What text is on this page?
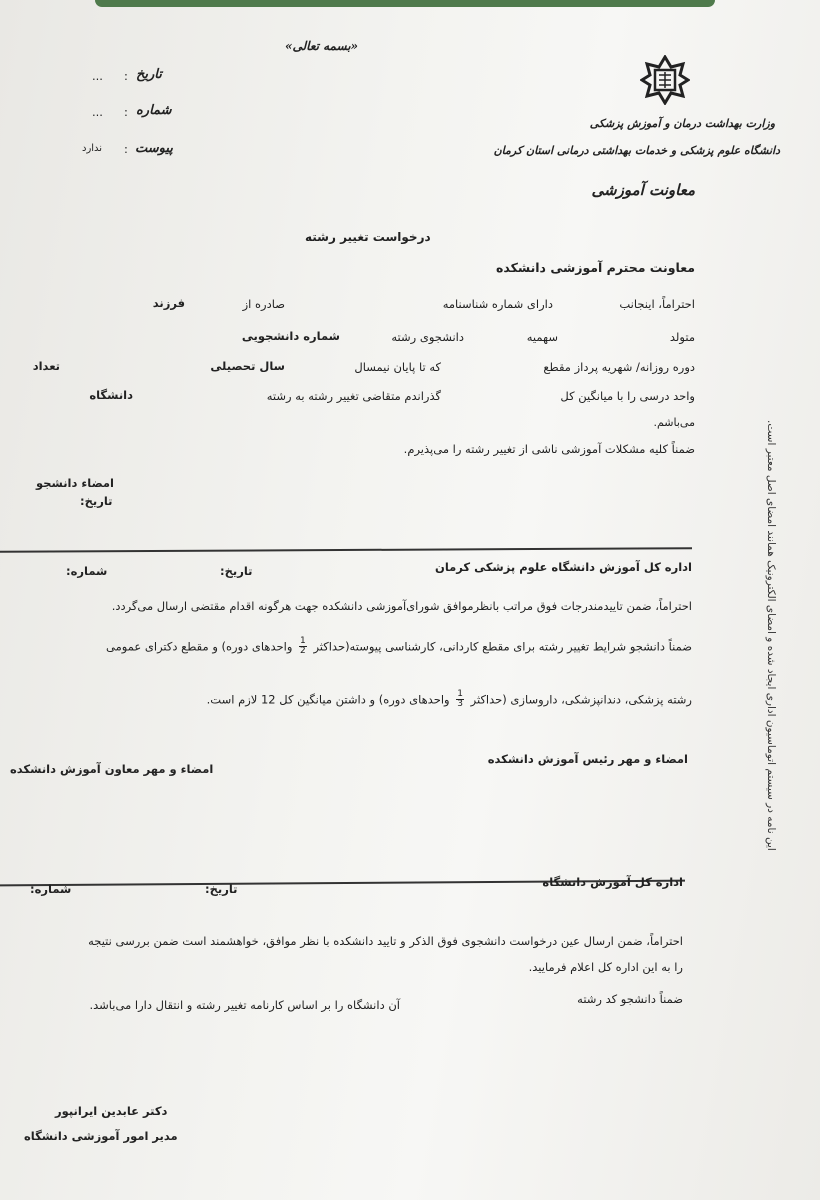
«بسمه تعالی»
وزارت بهداشت درمان و آموزش پزشکی
دانشگاه علوم پزشکی و خدمات بهداشتی درمانی استان کرمان
معاونت آموزشی
تاریخ
:
...
شماره
:
...
پیوست
:
ندارد
درخواست تغییر رشته
معاونت محترم آموزشی دانشکده
احتراماً، اینجانب
دارای شماره شناسنامه
صادره از
فرزند
متولد
سهمیه
دانشجوی رشته
شماره دانشجویی
دوره روزانه/ شهریه پرداز مقطع
که تا پایان نیمسال
سال تحصیلی
تعداد
واحد درسی را با میانگین کل
گذراندم متقاضی تغییر رشته به رشته
دانشگاه
می‌باشم.
ضمناً کلیه مشکلات آموزشی ناشی از تغییر رشته را می‌پذیرم.
امضاء دانشجو
تاریخ:
اداره کل آموزش دانشگاه علوم پزشکی کرمان
تاریخ:
شماره:
احتراماً، ضمن تاییدمندرجات فوق مراتب بانظرموافق شورای‌آموزشی دانشکده جهت هرگونه اقدام مقتضی ارسال می‌گردد.
ضمناً دانشجو شرایط تغییر رشته برای مقطع کاردانی، کارشناسی پیوسته(حداکثر
$\frac{1}{2}$
واحدهای دوره) و مقطع دکترای عمومی
رشته پزشکی، دندانپزشکی، داروسازی (حداکثر
$\frac{1}{3}$
واحدهای دوره) و داشتن میانگین کل 12 لازم است.
امضاء و مهر رئیس آموزش دانشکده
امضاء و مهر معاون آموزش دانشکده
اداره کل آموزش دانشگاه
تاریخ:
شماره:
احتراماً، ضمن ارسال عین درخواست دانشجوی فوق الذکر و تایید دانشکده با نظر موافق، خواهشمند است ضمن بررسی نتیجه
را به این اداره کل اعلام فرمایید.
ضمناً دانشجو کد رشته
آن دانشگاه را بر اساس کارنامه تغییر رشته و انتقال دارا می‌باشد.
دکتر عابدین ایرانپور
مدیر امور آموزشی دانشگاه
این نامه در سیستم اتوماسیون اداری ایجاد شده و امضای الکترونیک همانند امضای اصل معتبر است.
